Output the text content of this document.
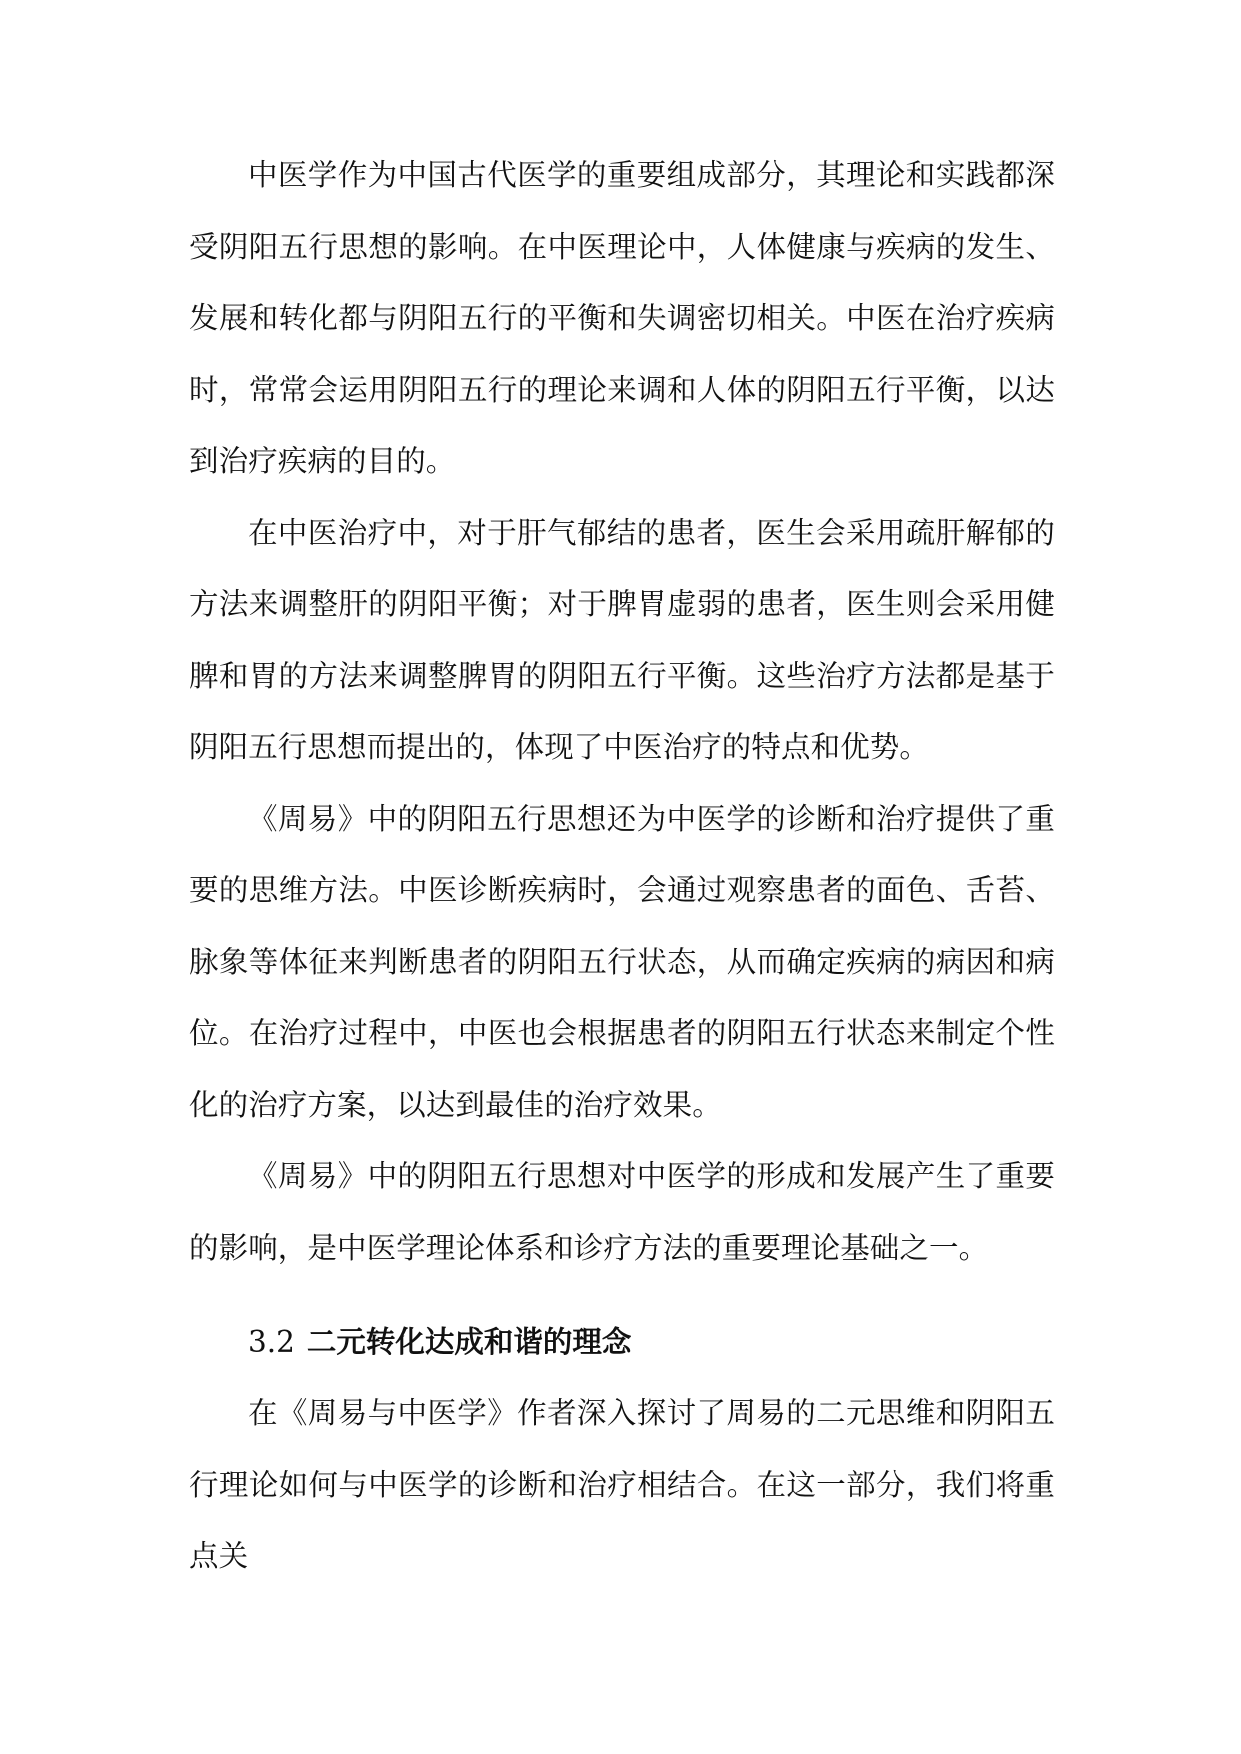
中医学作为中国古代医学的重要组成部分，其理论和实践都深受阴阳五行思想的影响。在中医理论中，人体健康与疾病的发生、发展和转化都与阴阳五行的平衡和失调密切相关。中医在治疗疾病时，常常会运用阴阳五行的理论来调和人体的阴阳五行平衡，以达到治疗疾病的目的。

在中医治疗中，对于肝气郁结的患者，医生会采用疏肝解郁的方法来调整肝的阴阳平衡；对于脾胃虚弱的患者，医生则会采用健脾和胃的方法来调整脾胃的阴阳五行平衡。这些治疗方法都是基于阴阳五行思想而提出的，体现了中医治疗的特点和优势。

《周易》中的阴阳五行思想还为中医学的诊断和治疗提供了重要的思维方法。中医诊断疾病时，会通过观察患者的面色、舌苔、脉象等体征来判断患者的阴阳五行状态，从而确定疾病的病因和病位。在治疗过程中，中医也会根据患者的阴阳五行状态来制定个性化的治疗方案，以达到最佳的治疗效果。

《周易》中的阴阳五行思想对中医学的形成和发展产生了重要的影响，是中医学理论体系和诊疗方法的重要理论基础之一。

3.2 二元转化达成和谐的理念

在《周易与中医学》作者深入探讨了周易的二元思维和阴阳五行理论如何与中医学的诊断和治疗相结合。在这一部分，我们将重点关
